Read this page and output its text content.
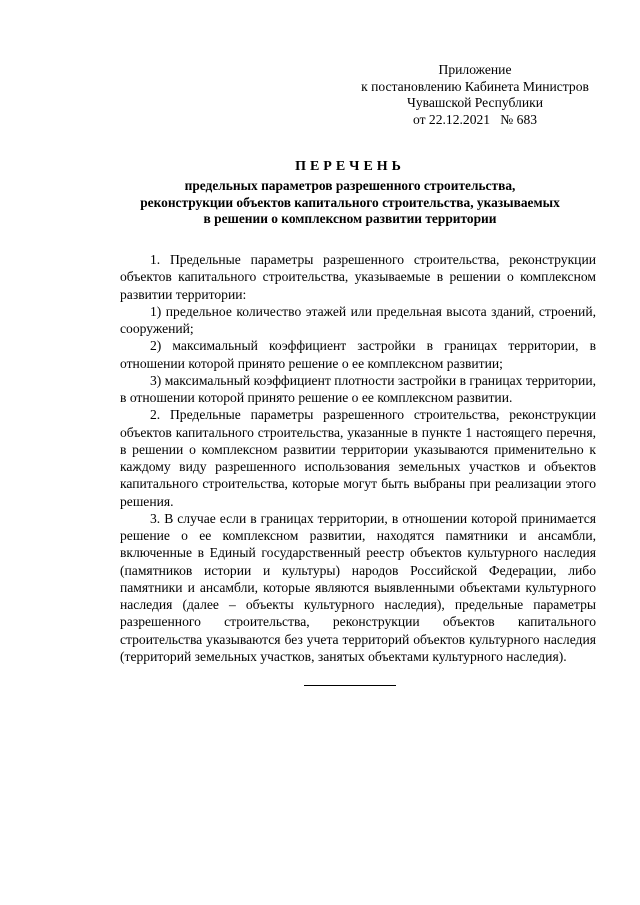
Приложение
к постановлению Кабинета Министров
Чувашской Республики
от 22.12.2021   № 683
ПЕРЕЧЕНЬ
предельных параметров разрешенного строительства,
реконструкции объектов капитального строительства, указываемых
в решении о комплексном развитии территории

1. Предельные параметры разрешенного строительства, реконструкции объектов капитального строительства, указываемые в решении о комплексном развитии территории:

1) предельное количество этажей или предельная высота зданий, строений, сооружений;

2) максимальный коэффициент застройки в границах территории, в отношении которой принято решение о ее комплексном развитии;

3) максимальный коэффициент плотности застройки в границах территории, в отношении которой принято решение о ее комплексном развитии.

2. Предельные параметры разрешенного строительства, реконструкции объектов капитального строительства, указанные в пункте 1 настоящего перечня, в решении о комплексном развитии территории указываются применительно к каждому виду разрешенного использования земельных участков и объектов капитального строительства, которые могут быть выбраны при реализации этого решения.

3. В случае если в границах территории, в отношении которой принимается решение о ее комплексном развитии, находятся памятники и ансамбли, включенные в Единый государственный реестр объектов культурного наследия (памятников истории и культуры) народов Российской Федерации, либо памятники и ансамбли, которые являются выявленными объектами культурного наследия (далее – объекты культурного наследия), предельные параметры разрешенного строительства, реконструкции объектов капитального строительства указываются без учета территорий объектов культурного наследия (территорий земельных участков, занятых объектами культурного наследия).
